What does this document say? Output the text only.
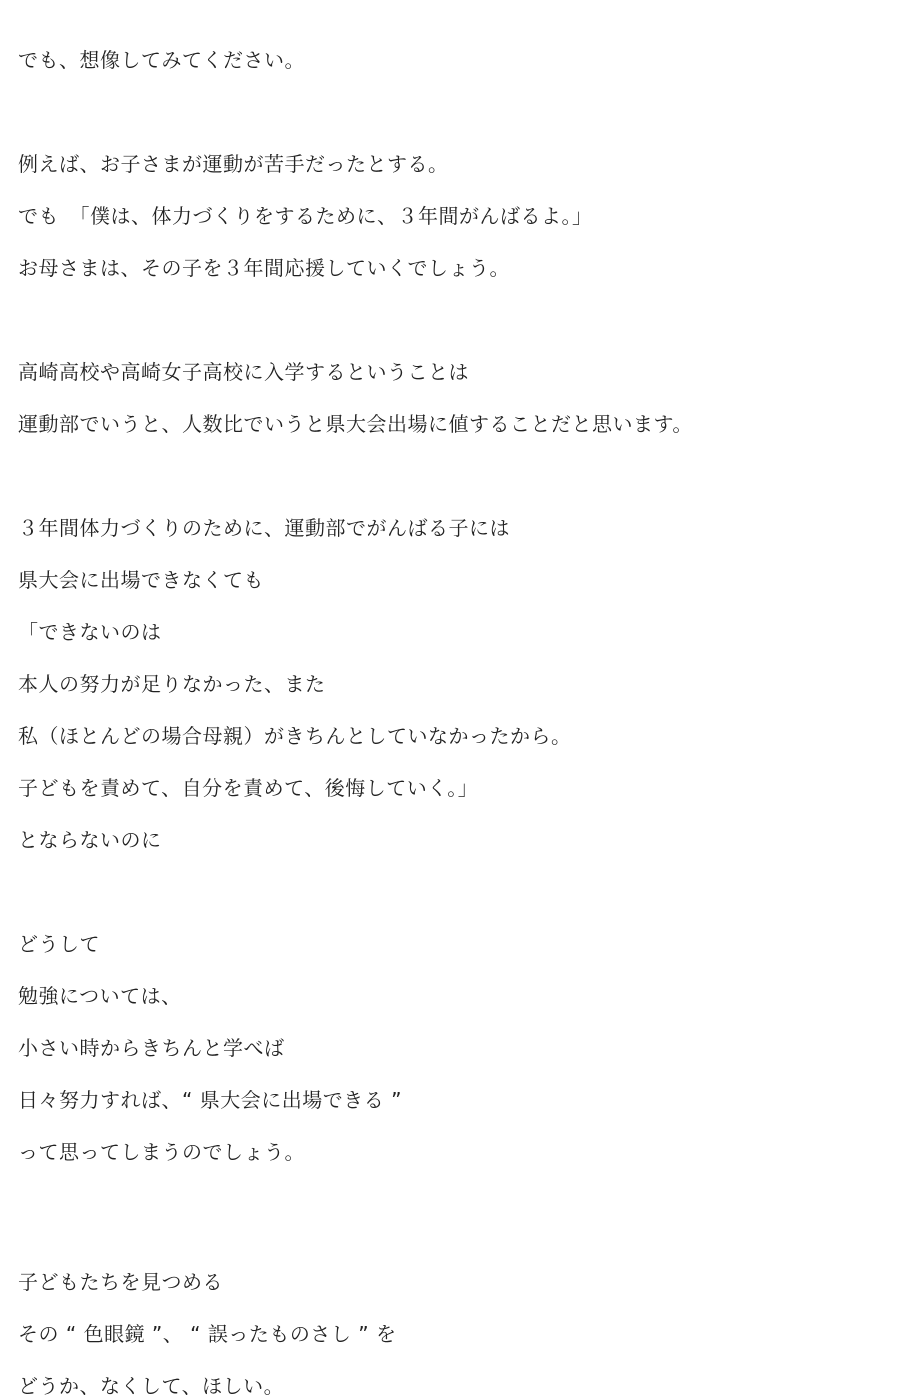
でも、想像してみてください。

例えば、お子さまが運動が苦手だったとする。

でも　「僕は、体力づくりをするために、３年間がんばるよ。」

お母さまは、その子を３年間応援していくでしょう。

高崎高校や高崎女子高校に入学するということは

運動部でいうと、人数比でいうと県大会出場に値することだと思います。

３年間体力づくりのために、運動部でがんばる子には

県大会に出場できなくても

「できないのは

本人の努力が足りなかった、また

私（ほとんどの場合母親）がきちんとしていなかったから。

子どもを責めて、自分を責めて、後悔していく。」

とならないのに

どうして

勉強については、

小さい時からきちんと学べば

日々努力すれば、“ 県大会に出場できる ”

って思ってしまうのでしょう。

子どもたちを見つめる

その “ 色眼鏡 ”、 “ 誤ったものさし ” を

どうか、なくして、ほしい。
